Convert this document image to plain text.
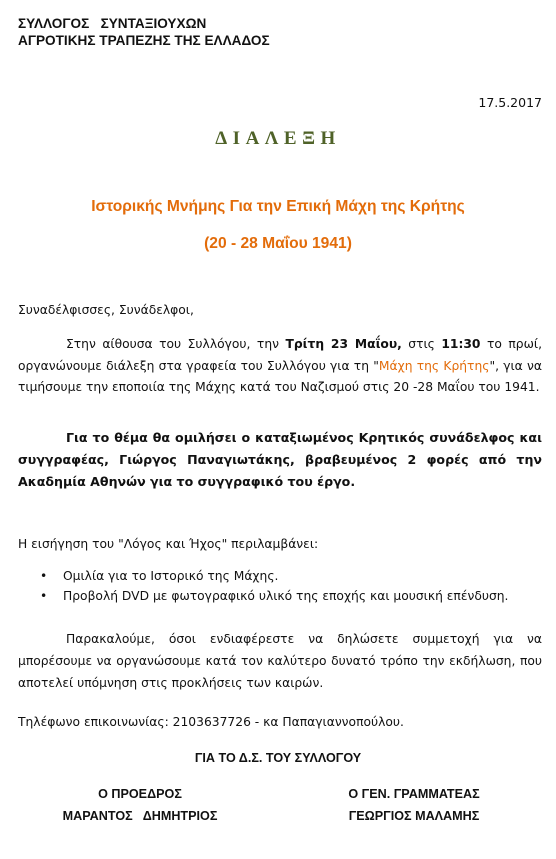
ΣΥΛΛΟΓΟΣ   ΣΥΝΤΑΞΙΟΥΧΩΝ
ΑΓΡΟΤΙΚΗΣ ΤΡΑΠΕΖΗΣ ΤΗΣ ΕΛΛΑΔΟΣ
17.5.2017
ΔΙΑΛΕΞΗ
Ιστορικής Μνήμης Για την Επική Μάχη της Κρήτης
(20 - 28 Μαΐου 1941)
Συναδέλφισσες, Συνάδελφοι,
Στην αίθουσα του Συλλόγου, την Τρίτη 23 Μαΐου, στις 11:30 το πρωί, οργανώνουμε διάλεξη στα γραφεία του Συλλόγου για τη "Μάχη της Κρήτης", για να τιμήσουμε την εποποιία της Μάχης κατά του Ναζισμού στις 20 -28 Μαΐου του 1941.
Για το θέμα θα ομιλήσει ο καταξιωμένος Κρητικός συνάδελφος και συγγραφέας, Γιώργος Παναγιωτάκης, βραβευμένος 2 φορές από την Ακαδημία Αθηνών για το συγγραφικό του έργο.
Η εισήγηση του "Λόγος και Ήχος" περιλαμβάνει:
• Ομιλία για το Ιστορικό της Μάχης.
• Προβολή DVD με φωτογραφικό υλικό της εποχής και μουσική επένδυση.
Παρακαλούμε, όσοι ενδιαφέρεστε να δηλώσετε συμμετοχή για να μπορέσουμε να οργανώσουμε κατά τον καλύτερο δυνατό τρόπο την εκδήλωση, που αποτελεί υπόμνηση στις προκλήσεις των καιρών.
Τηλέφωνο επικοινωνίας: 2103637726 - κα Παπαγιαννοπούλου.
ΓΙΑ ΤΟ Δ.Σ. ΤΟΥ ΣΥΛΛΟΓΟΥ
Ο ΠΡΟΕΔΡΟΣ
ΜΑΡΑΝΤΟΣ   ΔΗΜΗΤΡΙΟΣ
Ο ΓΕΝ. ΓΡΑΜΜΑΤΕΑΣ
ΓΕΩΡΓΙΟΣ ΜΑΛΑΜΗΣ
